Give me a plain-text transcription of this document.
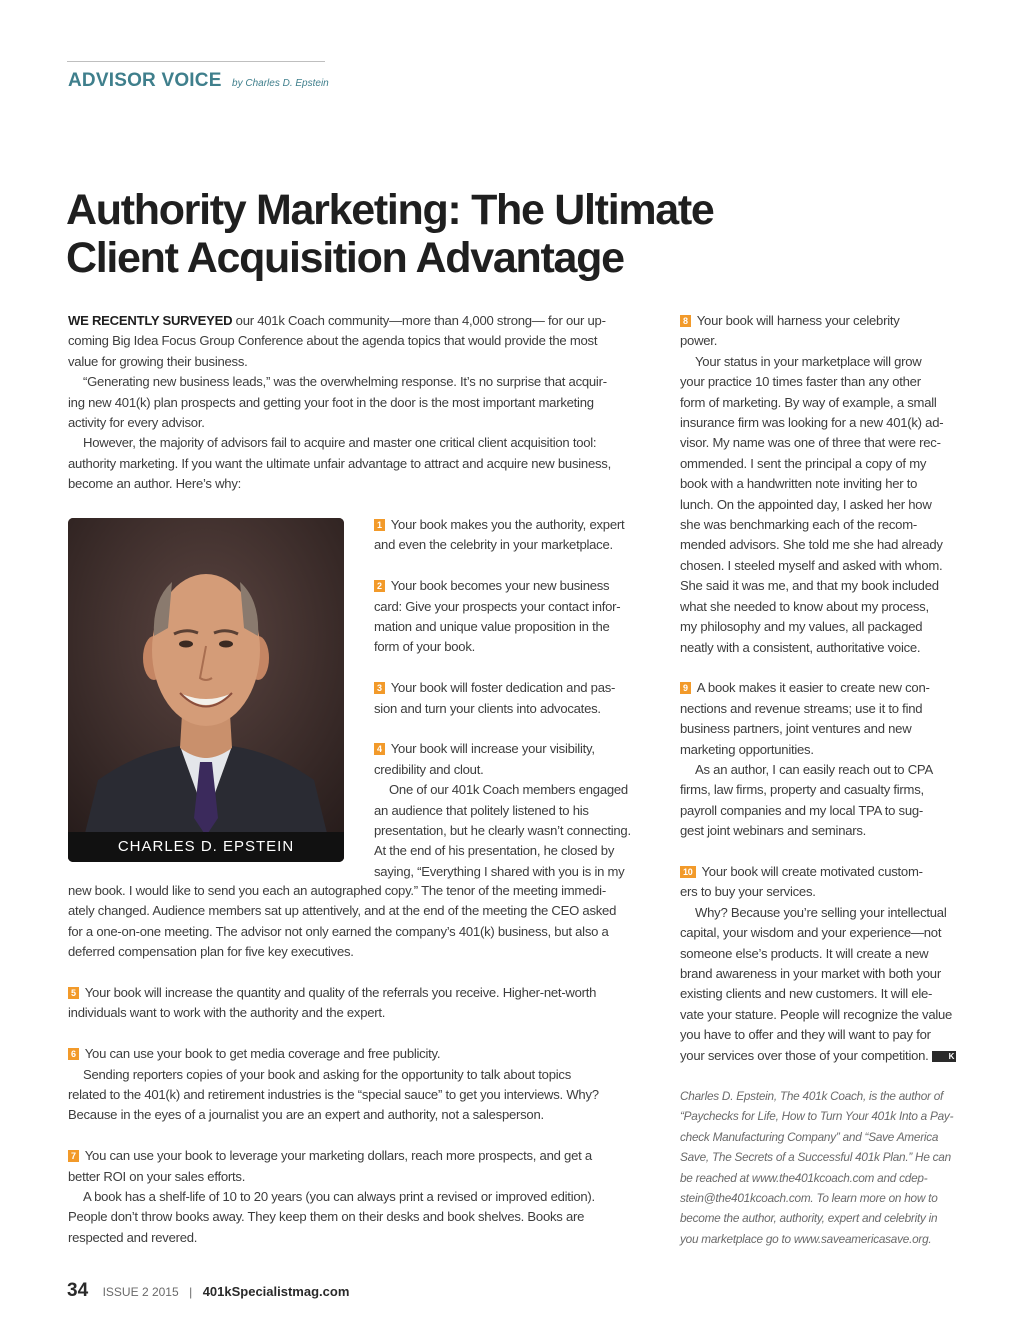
ADVISOR VOICE by Charles D. Epstein
Authority Marketing: The Ultimate
Client Acquisition Advantage

WE RECENTLY SURVEYED our 401k Coach community—more than 4,000 strong— for our up-
coming Big Idea Focus Group Conference about the agenda topics that would provide the most
value for growing their business.

“Generating new business leads,” was the overwhelming response. It’s no surprise that acquir-
ing new 401(k) plan prospects and getting your foot in the door is the most important marketing
activity for every advisor.

However, the majority of advisors fail to acquire and master one critical client acquisition tool:
authority marketing. If you want the ultimate unfair advantage to attract and acquire new business,
become an author. Here’s why:

CHARLES D. EPSTEIN

1 Your book makes you the authority, expert
and even the celebrity in your marketplace.

2 Your book becomes your new business
card: Give your prospects your contact infor-
mation and unique value proposition in the
form of your book.

3 Your book will foster dedication and pas-
sion and turn your clients into advocates.

4 Your book will increase your visibility,
credibility and clout.

One of our 401k Coach members engaged
an audience that politely listened to his
presentation, but he clearly wasn’t connecting.

At the end of his presentation, he closed by
saying, “Everything I shared with you is in my

new book. I would like to send you each an autographed copy.” The tenor of the meeting immedi-
ately changed. Audience members sat up attentively, and at the end of the meeting the CEO asked
for a one-on-one meeting. The advisor not only earned the company’s 401(k) business, but also a
deferred compensation plan for five key executives.

5 Your book will increase the quantity and quality of the referrals you receive. Higher-net-worth
individuals want to work with the authority and the expert.

6 You can use your book to get media coverage and free publicity.

Sending reporters copies of your book and asking for the opportunity to talk about topics
related to the 401(k) and retirement industries is the “special sauce” to get you interviews. Why?
Because in the eyes of a journalist you are an expert and authority, not a salesperson.

7 You can use your book to leverage your marketing dollars, reach more prospects, and get a
better ROI on your sales efforts.

A book has a shelf-life of 10 to 20 years (you can always print a revised or improved edition).
People don’t throw books away. They keep them on their desks and book shelves. Books are
respected and revered.

8 Your book will harness your celebrity
power.

Your status in your marketplace will grow
your practice 10 times faster than any other
form of marketing. By way of example, a small
insurance firm was looking for a new 401(k) ad-
visor. My name was one of three that were rec-
ommended. I sent the principal a copy of my
book with a handwritten note inviting her to
lunch. On the appointed day, I asked her how
she was benchmarking each of the recom-
mended advisors. She told me she had already
chosen. I steeled myself and asked with whom.
She said it was me, and that my book included
what she needed to know about my process,
my philosophy and my values, all packaged
neatly with a consistent, authoritative voice.

9 A book makes it easier to create new con-
nections and revenue streams; use it to find
business partners, joint ventures and new
marketing opportunities.

As an author, I can easily reach out to CPA
firms, law firms, property and casualty firms,
payroll companies and my local TPA to sug-
gest joint webinars and seminars.

10 Your book will create motivated custom-
ers to buy your services.

Why? Because you’re selling your intellectual
capital, your wisdom and your experience—not
someone else’s products. It will create a new
brand awareness in your market with both your
existing clients and new customers. It will ele-
vate your stature. People will recognize the value
you have to offer and they will want to pay for
your services over those of your competition.	K

Charles D. Epstein, The 401k Coach, is the author of
“Paychecks for Life, How to Turn Your 401k Into a Pay-
check Manufacturing Company” and “Save America
Save, The Secrets of a Successful 401k Plan.” He can
be reached at www.the401kcoach.com and cdep-
stein@the401kcoach.com. To learn more on how to
become the author, authority, expert and celebrity in
you marketplace go to www.saveamericasave.org.

34 ISSUE 2 2015 | 401kSpecialistmag.com
